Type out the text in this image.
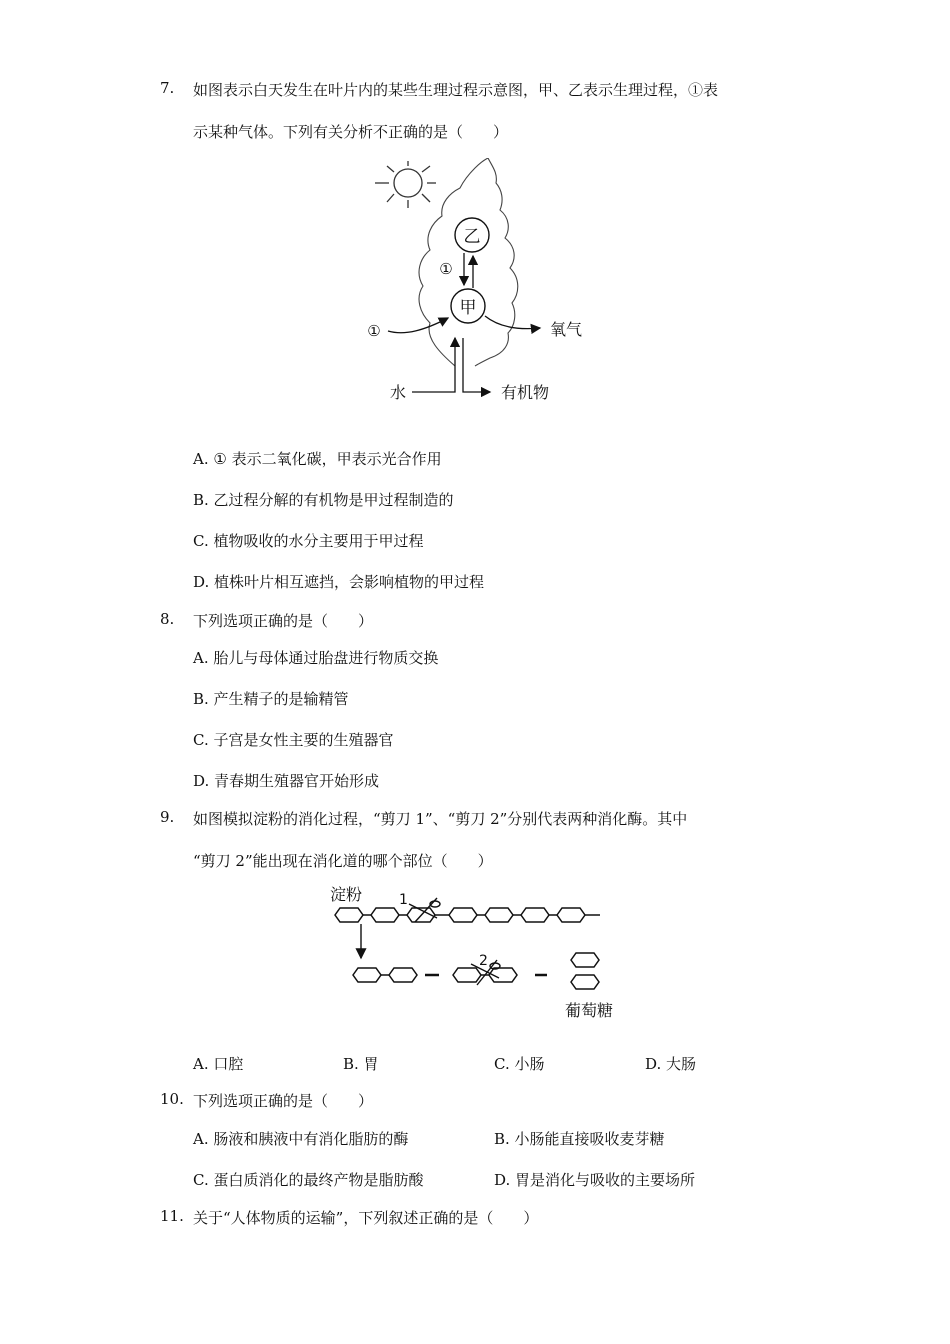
7. 如图表示白天发生在叶片内的某些生理过程示意图，甲、乙表示生理过程，①表
示某种气体。下列有关分析不正确的是（　　）
乙
甲
①
①	氧气
水	有机物
A. ① 表示二氧化碳，甲表示光合作用
B. 乙过程分解的有机物是甲过程制造的
C. 植物吸收的水分主要用于甲过程
D. 植株叶片相互遮挡，会影响植物的甲过程
8. 下列选项正确的是（　　）
A. 胎儿与母体通过胎盘进行物质交换
B. 产生精子的是输精管
C. 子宫是女性主要的生殖器官
D. 青春期生殖器官开始形成
9. 如图模拟淀粉的消化过程，“剪刀 1”、“剪刀 2”分别代表两种消化酶。其中
“剪刀 2”能出现在消化道的哪个部位（　　）
淀粉	1
2
葡萄糖
A. 口腔	B. 胃	C. 小肠	D. 大肠
10. 下列选项正确的是（　　）
A. 肠液和胰液中有消化脂肪的酶	B. 小肠能直接吸收麦芽糖
C. 蛋白质消化的最终产物是脂肪酸	D. 胃是消化与吸收的主要场所
11. 关于“人体物质的运输”，下列叙述正确的是（　　）
